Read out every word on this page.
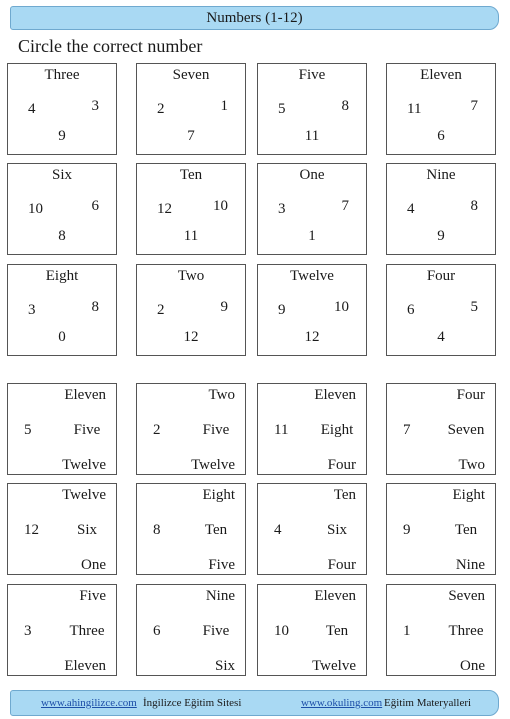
Numbers (1-12)
Circle the correct number
Three
4	3
9
Seven
2	1
7
Five
5	8
11
Eleven
11	7
6
Six
10	6
8
Ten
12	10
11
One
3	7
1
Nine
4	8
9
Eight
3	8
0
Two
2	9
12
Twelve
9	10
12
Four
6	5
4
5
Eleven
Five
Twelve
2
Two
Five
Twelve
11
Eleven
Eight
Four
7
Four
Seven
Two
12
Twelve
Six
One
8
Eight
Ten
Five
4
Ten
Six
Four
9
Eight
Ten
Nine
3
Five
Three
Eleven
6
Nine
Five
Six
10
Eleven
Ten
Twelve
1
Seven
Three
One
www.ahingilizce.com İngilizce Eğitim Sitesi	www.okuling.com Eğitim Materyalleri
